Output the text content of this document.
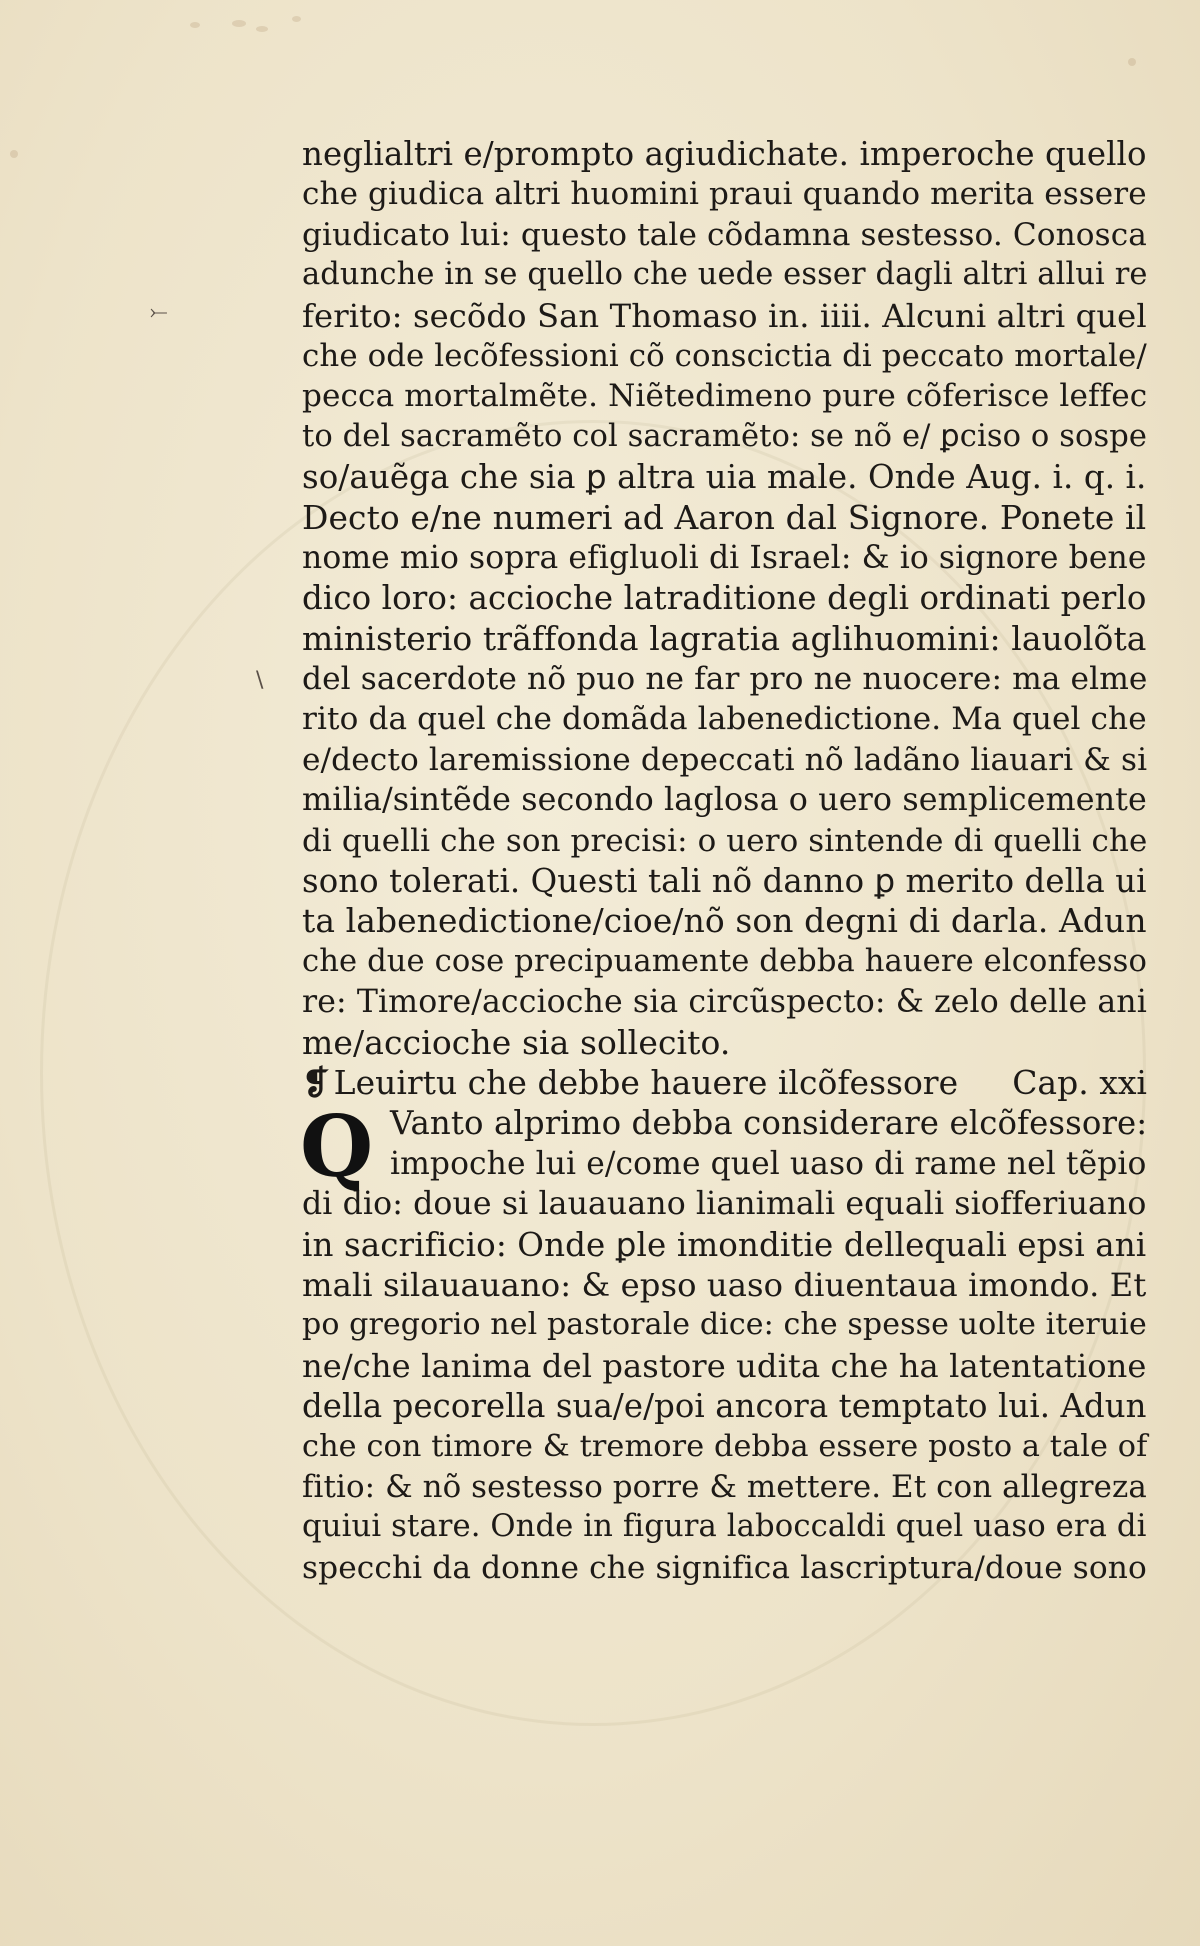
⤚
\
neglialtri e/prompto agiudichate. imperoche quello
che giudica altri huomini praui quando merita essere
giudicato lui: questo tale cõdamna sestesso. Conosca
adunche in se quello che uede esser dagli altri allui re
ferito: secõdo San Thomaso in. iiii. Alcuni altri quel
che ode lecõfessioni cõ conscictia di peccato mortale/
pecca mortalmẽte. Niẽtedimeno pure cõferisce leffec
to del sacramẽto col sacramẽto: se nõ e/ ꝑciso o sospe
so/auẽga che sia ꝑ altra uia male. Onde Aug. i. q. i.
Decto e/ne numeri ad Aaron dal Signore. Ponete il
nome mio sopra efigluoli di Israel: & io signore bene
dico loro: accioche latraditione degli ordinati perlo
ministerio trãffonda lagratia aglihuomini: lauolõta
del sacerdote nõ puo ne far pro ne nuocere: ma elme
rito da quel che domãda labenedictione. Ma quel che
e/decto laremissione depeccati nõ ladãno liauari & si
milia/sintẽde secondo laglosa o uero semplicemente
di quelli che son precisi: o uero sintende di quelli che
sono tolerati. Questi tali nõ danno ꝑ merito della ui
ta labenedictione/cioe/nõ son degni di darla. Adun
che due cose precipuamente debba hauere elconfesso
re: Timore/accioche sia circũspecto: & zelo delle ani
me/accioche sia sollecito.
❡ Leuirtu che debbe hauere ilcõfessore Cap. xxi
Q Vanto alprimo debba considerare elcõfessore:
impoche lui e/come quel uaso di rame nel tẽpio
di dio: doue si lauauano lianimali equali siofferiuano
in sacrificio: Onde ꝑle imonditie dellequali epsi ani
mali silauauano: & epso uaso diuentaua imondo. Et
po gregorio nel pastorale dice: che spesse uolte iteruie
ne/che lanima del pastore udita che ha latentatione
della pecorella sua/e/poi ancora temptato lui. Adun
che con timore & tremore debba essere posto a tale of
fitio: & nõ sestesso porre & mettere. Et con allegreza
quiui stare. Onde in figura laboccaldi quel uaso era di
specchi da donne che significa lascriptura/doue sono
